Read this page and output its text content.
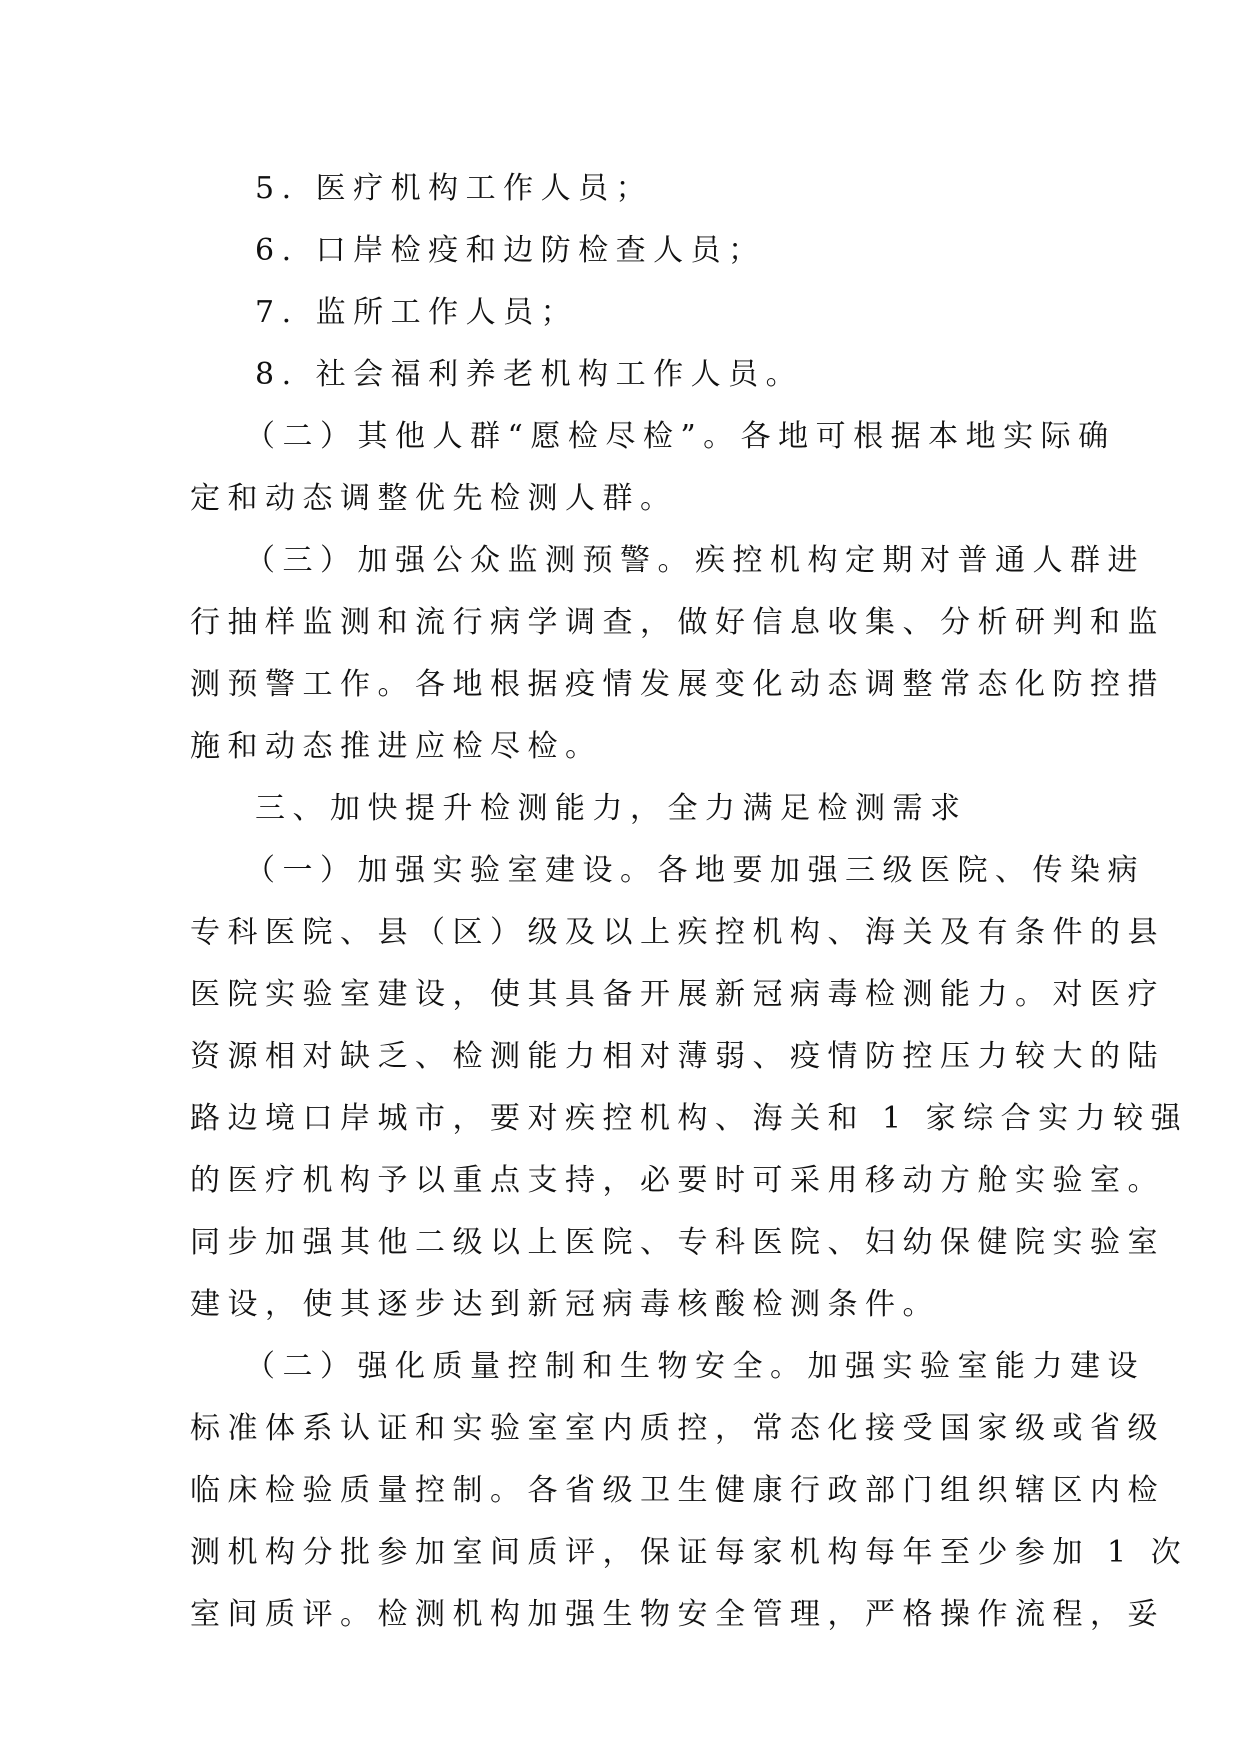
5. 医疗机构工作人员；

6. 口岸检疫和边防检查人员；

7. 监所工作人员；

8. 社会福利养老机构工作人员。

（二）其他人群“愿检尽检”。各地可根据本地实际确
定和动态调整优先检测人群。

（三）加强公众监测预警。疾控机构定期对普通人群进
行抽样监测和流行病学调查，做好信息收集、分析研判和监
测预警工作。各地根据疫情发展变化动态调整常态化防控措
施和动态推进应检尽检。

三、加快提升检测能力，全力满足检测需求

（一）加强实验室建设。各地要加强三级医院、传染病
专科医院、县（区）级及以上疾控机构、海关及有条件的县
医院实验室建设，使其具备开展新冠病毒检测能力。对医疗
资源相对缺乏、检测能力相对薄弱、疫情防控压力较大的陆
路边境口岸城市，要对疾控机构、海关和 1 家综合实力较强
的医疗机构予以重点支持，必要时可采用移动方舱实验室。
同步加强其他二级以上医院、专科医院、妇幼保健院实验室
建设，使其逐步达到新冠病毒核酸检测条件。

（二）强化质量控制和生物安全。加强实验室能力建设
标准体系认证和实验室室内质控，常态化接受国家级或省级
临床检验质量控制。各省级卫生健康行政部门组织辖区内检
测机构分批参加室间质评，保证每家机构每年至少参加 1 次
室间质评。检测机构加强生物安全管理，严格操作流程，妥
